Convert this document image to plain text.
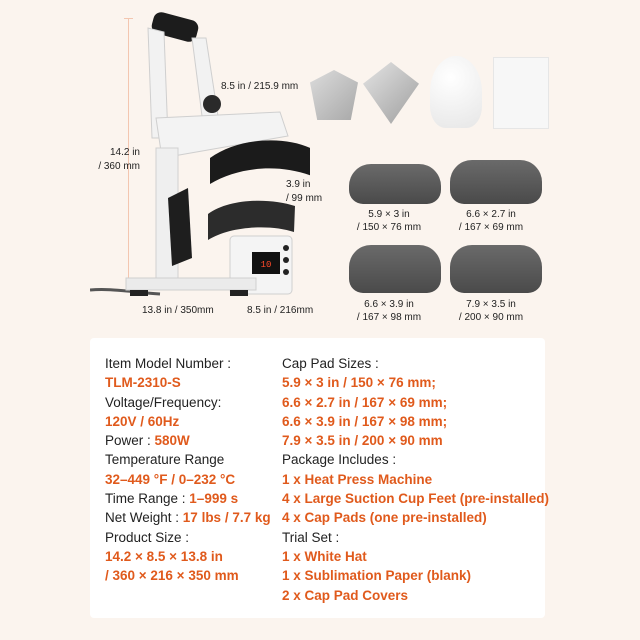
14.2 in
/ 360 mm
8.5 in / 215.9 mm
3.9 in
/ 99 mm
13.8 in / 350mm	8.5 in / 216mm
10
5.9 × 3 in
/ 150 × 76 mm
6.6 × 2.7 in
/ 167 × 69 mm
6.6 × 3.9 in
/ 167 × 98 mm
7.9 × 3.5 in
/ 200 × 90 mm
Item Model Number :
TLM-2310-S
Voltage/Frequency:
120V / 60Hz
Power : 580W
Temperature Range
32–449 °F / 0–232 °C
Time Range : 1–999 s
Net Weight : 17 lbs / 7.7 kg
Product Size :
14.2 × 8.5 × 13.8 in
/ 360 × 216 × 350 mm
Cap Pad Sizes :
5.9 × 3 in / 150 × 76 mm;
6.6 × 2.7 in / 167 × 69 mm;
6.6 × 3.9 in / 167 × 98 mm;
7.9 × 3.5 in / 200 × 90 mm
Package Includes :
1 x Heat Press Machine
4 x Large Suction Cup Feet (pre-installed)
4 x Cap Pads (one pre-installed)
Trial Set :
1 x White Hat
1 x Sublimation Paper (blank)
2 x Cap Pad Covers
